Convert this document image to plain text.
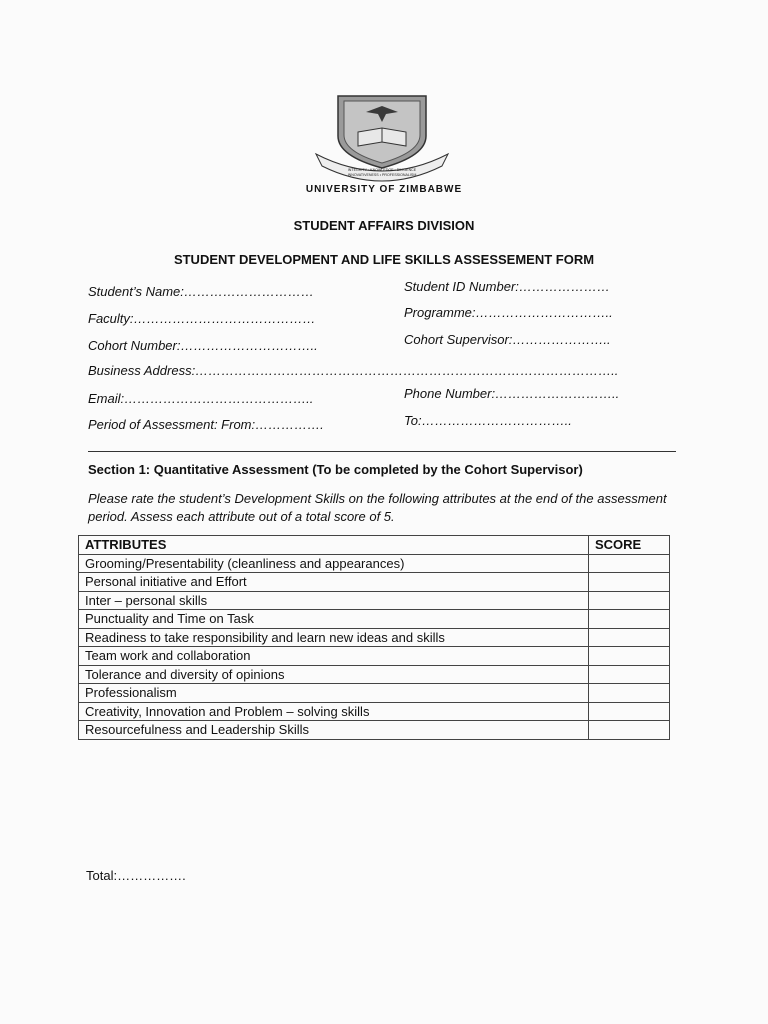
INTEGRITY • KNOWLEDGE • DILIGENCE
INNOVATIVENESS • PROFESSIONALISM
UNIVERSITY OF ZIMBABWE
STUDENT AFFAIRS DIVISION
STUDENT DEVELOPMENT AND LIFE SKILLS ASSESSEMENT FORM
Student’s Name:…………………………	Student ID Number:…………………
Faculty:……………………………………	Programme:…………………………..
Cohort Number:…………………………..	Cohort Supervisor:…………………..
Business Address:……………………………………………………………………………………..
Email:……………………………………..	Phone Number:………………………..
Period of Assessment: From:…………….	To:……………………………..
Section 1: Quantitative Assessment (To be completed by the Cohort Supervisor)
Please rate the student’s Development Skills on the following attributes at the end of the assessment period. Assess each attribute out of a total score of 5.
ATTRIBUTES	SCORE
Grooming/Presentability (cleanliness and appearances)	
Personal initiative and Effort	
Inter – personal skills	
Punctuality and Time on Task	
Readiness to take responsibility and learn new ideas and skills	
Team work and collaboration	
Tolerance and diversity of opinions	
Professionalism	
Creativity, Innovation and Problem – solving skills	
Resourcefulness and Leadership Skills	
Total:…………….
